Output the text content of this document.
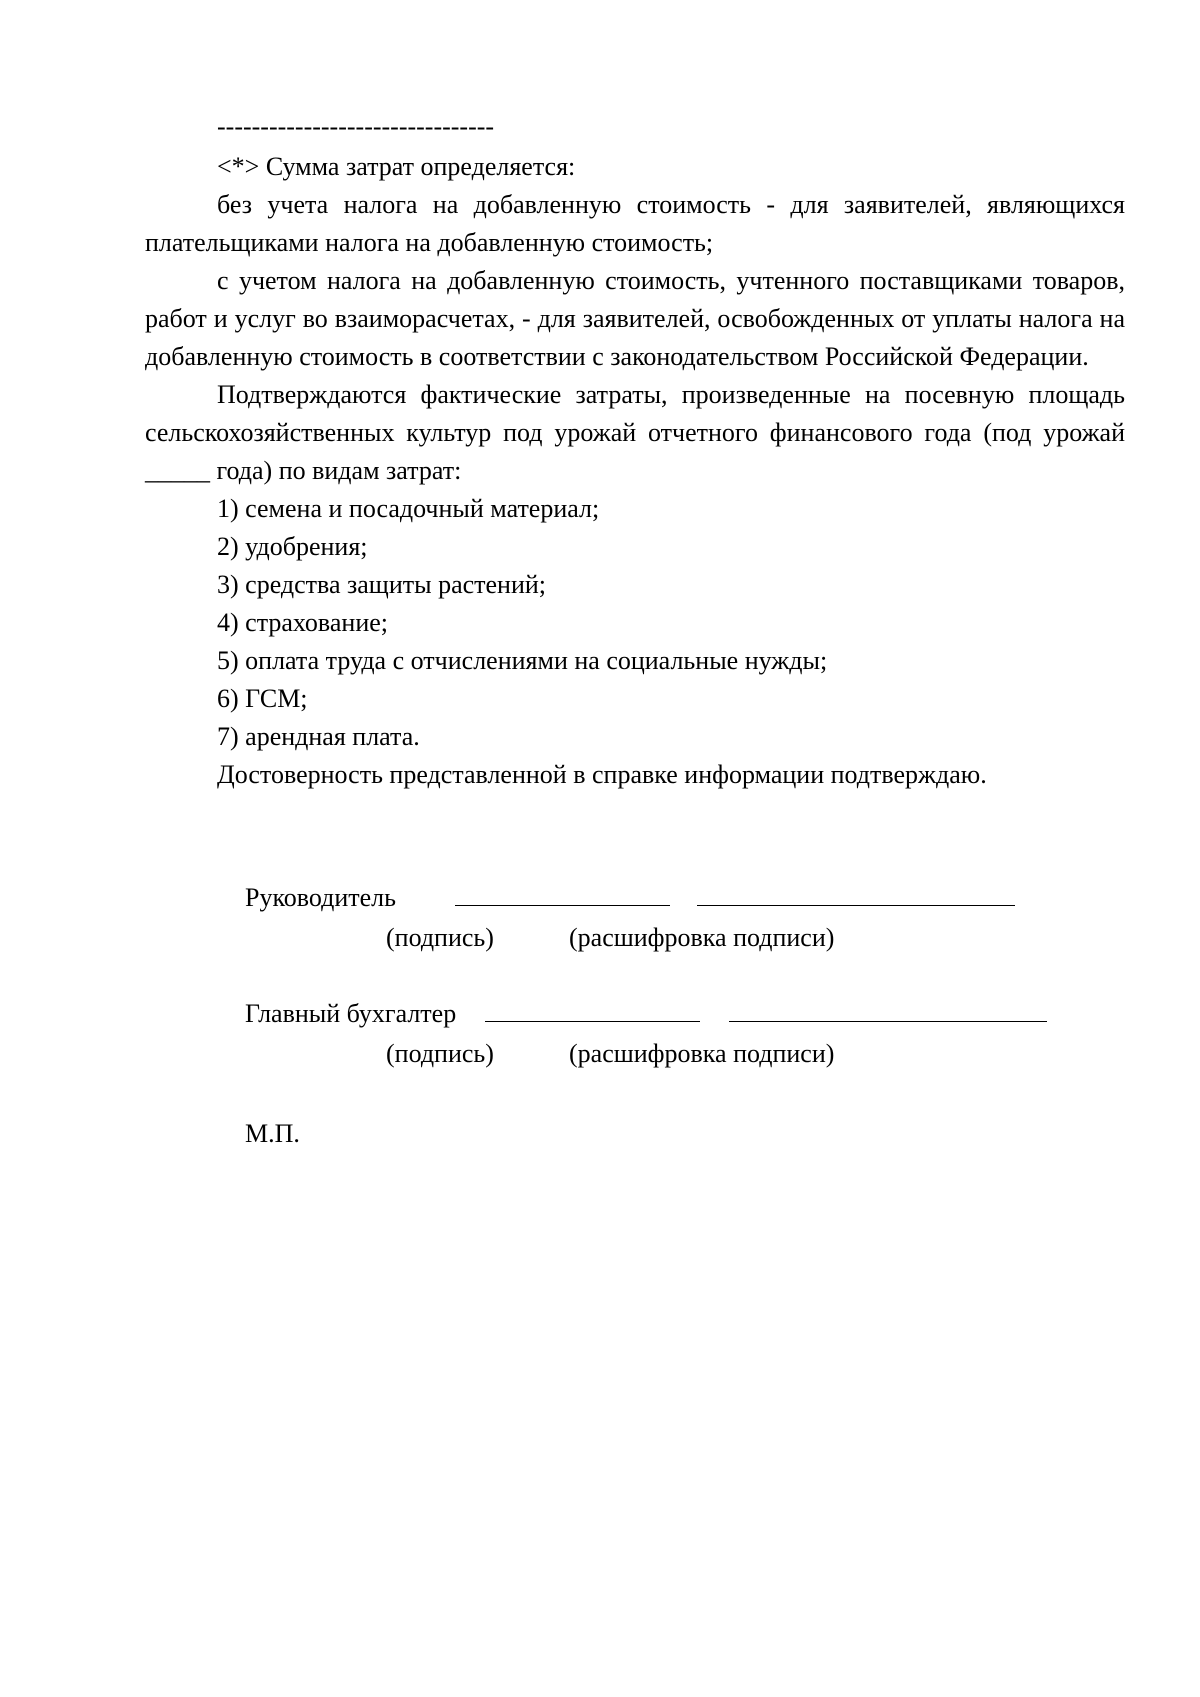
--------------------------------

<*> Сумма затрат определяется:

без учета налога на добавленную стоимость - для заявителей, являющихся плательщиками налога на добавленную стоимость;

с учетом налога на добавленную стоимость, учтенного поставщиками товаров, работ и услуг во взаиморасчетах, - для заявителей, освобожденных от уплаты налога на добавленную стоимость в соответствии с законодательством Российской Федерации.

Подтверждаются фактические затраты, произведенные на посевную площадь сельскохозяйственных культур под урожай отчетного финансового года (под урожай _____ года) по видам затрат:

1) семена и посадочный материал;

2) удобрения;

3) средства защиты растений;

4) страхование;

5) оплата труда с отчислениями на социальные нужды;

6) ГСМ;

7) арендная плата.

Достоверность представленной в справке информации подтверждаю.

Руководитель
(подпись)	(расшифровка подписи)
Главный бухгалтер
(подпись)	(расшифровка подписи)
М.П.
